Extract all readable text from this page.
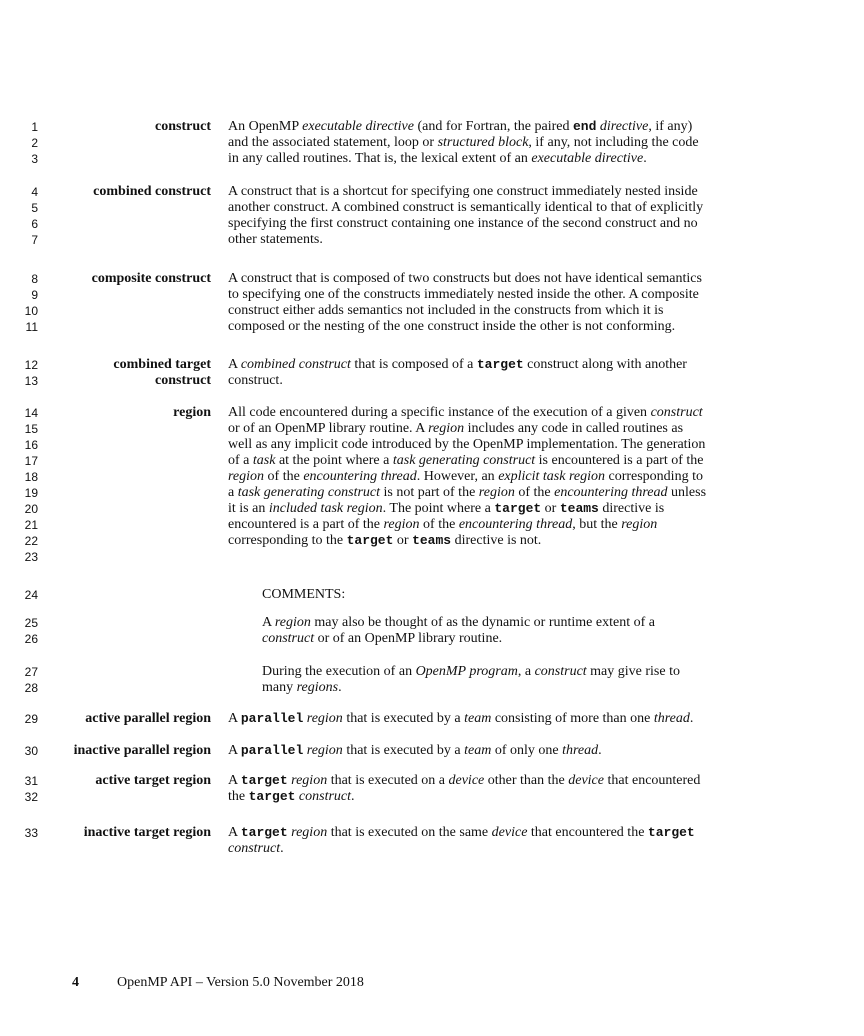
1
2
3
4
5
6
7
8
9
10
11
12
13
14
15
16
17
18
19
20
21
22
23
24
25
26
27
28
29
30
31
32
33
construct An OpenMP executable directive (and for Fortran, the paired end directive, if any)
and the associated statement, loop or structured block, if any, not including the code
in any called routines. That is, the lexical extent of an executable directive.
combined construct A construct that is a shortcut for specifying one construct immediately nested inside
another construct. A combined construct is semantically identical to that of explicitly
specifying the first construct containing one instance of the second construct and no
other statements.
composite construct A construct that is composed of two constructs but does not have identical semantics
to specifying one of the constructs immediately nested inside the other. A composite
construct either adds semantics not included in the constructs from which it is
composed or the nesting of the one construct inside the other is not conforming.
combined target
construct
A combined construct that is composed of a target construct along with another
construct.
region All code encountered during a specific instance of the execution of a given construct
or of an OpenMP library routine. A region includes any code in called routines as
well as any implicit code introduced by the OpenMP implementation. The generation
of a task at the point where a task generating construct is encountered is a part of the
region of the encountering thread. However, an explicit task region corresponding to
a task generating construct is not part of the region of the encountering thread unless
it is an included task region. The point where a target or teams directive is
encountered is a part of the region of the encountering thread, but the region
corresponding to the target or teams directive is not.
COMMENTS:
A region may also be thought of as the dynamic or runtime extent of a
construct or of an OpenMP library routine.
During the execution of an OpenMP program, a construct may give rise to
many regions.
active parallel region A parallel region that is executed by a team consisting of more than one thread.
inactive parallel region A parallel region that is executed by a team of only one thread.
active target region A target region that is executed on a device other than the device that encountered
the target construct.
inactive target region A target region that is executed on the same device that encountered the target
construct.
4	OpenMP API – Version 5.0 November 2018
